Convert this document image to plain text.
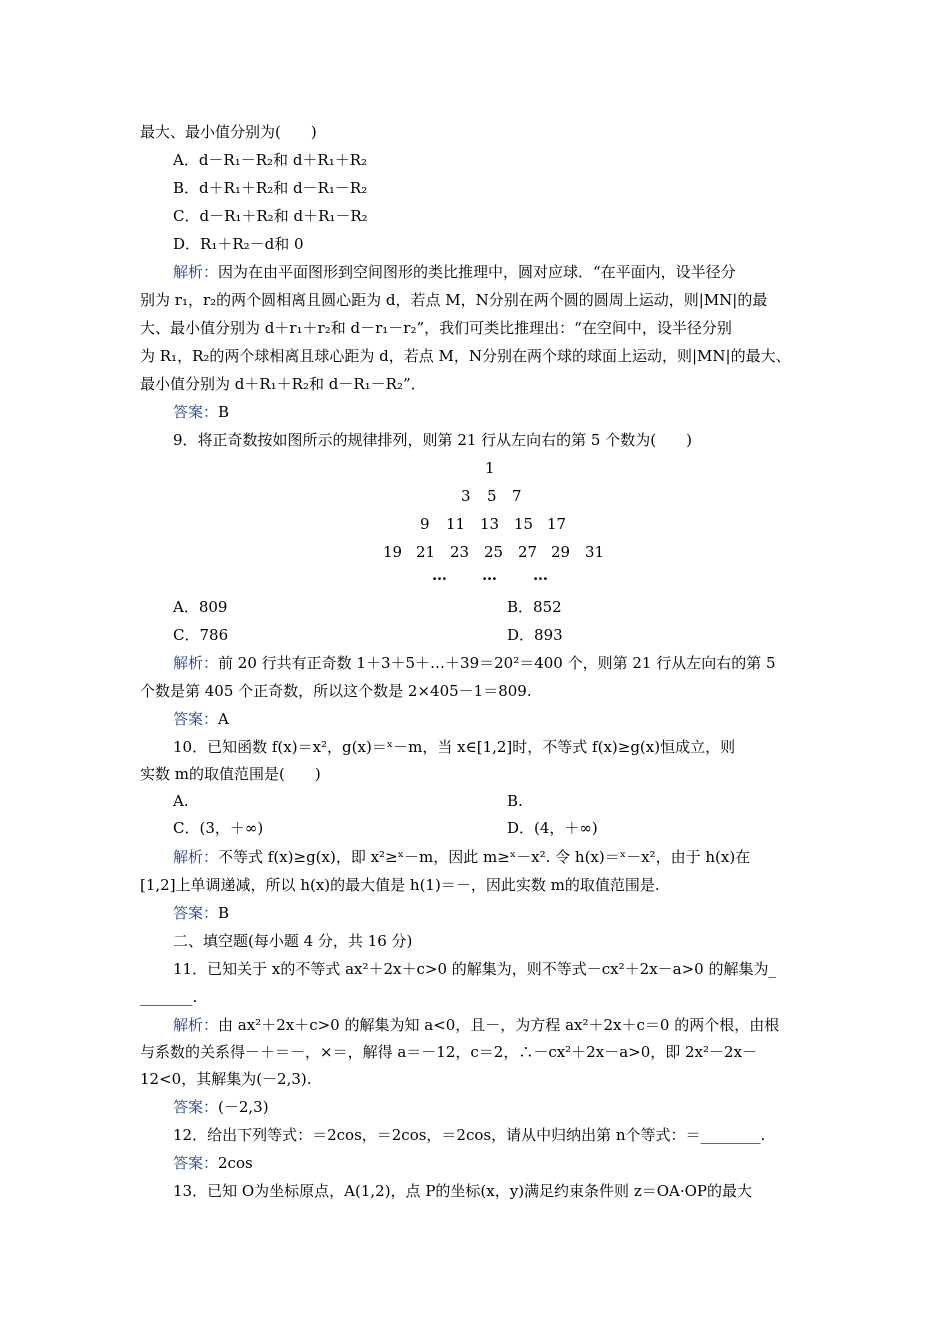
最大、最小值分别为(　　)
A．d－R₁－R₂和 d＋R₁＋R₂
B．d＋R₁＋R₂和 d－R₁－R₂
C．d－R₁＋R₂和 d＋R₁－R₂
D．R₁＋R₂－d和 0
解析：因为在由平面图形到空间图形的类比推理中，圆对应球．“在平面内，设半径分
别为 r₁，r₂的两个圆相离且圆心距为 d，若点 M，N分别在两个圆的圆周上运动，则|MN|的最
大、最小值分别为 d＋r₁＋r₂和 d－r₁－r₂”，我们可类比推理出：“在空间中，设半径分别
为 R₁，R₂的两个球相离且球心距为 d，若点 M，N分别在两个球的球面上运动，则|MN|的最大、
最小值分别为 d＋R₁＋R₂和 d－R₁－R₂”．
答案：B
9．将正奇数按如图所示的规律排列，则第 21 行从左向右的第 5 个数为(　　)
1
3 5 7
9 11 13 15 17
19 21 23 25 27 29 31
… … …
A．809	B．852
C．786	D．893
解析：前 20 行共有正奇数 1＋3＋5＋…＋39＝20²＝400 个，则第 21 行从左向右的第 5
个数是第 405 个正奇数，所以这个数是 2×405－1＝809.
答案：A
10．已知函数 f(x)＝x²，g(x)＝ˣ－m，当 x∈[1,2]时，不等式 f(x)≥g(x)恒成立，则
实数 m的取值范围是(　　)
A.	B.
C．(3，＋∞)	D．(4，＋∞)
解析：不等式 f(x)≥g(x)，即 x²≥ˣ－m，因此 m≥ˣ－x². 令 h(x)＝ˣ－x²，由于 h(x)在
[1,2]上单调递减，所以 h(x)的最大值是 h(1)＝－，因此实数 m的取值范围是.
答案：B
二、填空题(每小题 4 分，共 16 分)
11．已知关于 x的不等式 ax²＋2x＋c>0 的解集为，则不等式－cx²＋2x－a>0 的解集为_
_______.
解析：由 ax²＋2x＋c>0 的解集为知 a<0，且－，为方程 ax²＋2x＋c＝0 的两个根，由根
与系数的关系得－＋＝－，×＝，解得 a＝－12，c＝2，∴－cx²＋2x－a>0，即 2x²－2x－
12<0，其解集为(－2,3).
答案：(－2,3)
12．给出下列等式：＝2cos，＝2cos，＝2cos，请从中归纳出第 n个等式：＝________.
答案：2cos
13．已知 O为坐标原点，A(1,2)，点 P的坐标(x，y)满足约束条件则 z＝OA·OP的最大
